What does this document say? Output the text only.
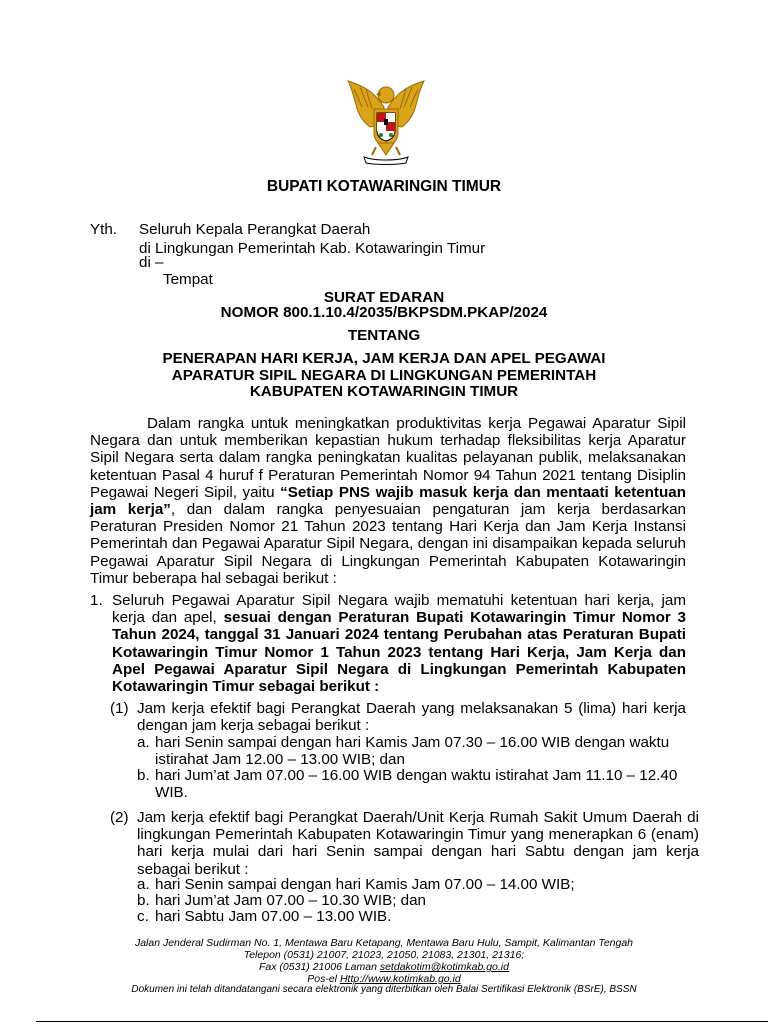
BUPATI KOTAWARINGIN TIMUR
Yth. Seluruh Kepala Perangkat Daerah
di Lingkungan Pemerintah Kab. Kotawaringin Timur
di –
Tempat
SURAT EDARAN
NOMOR 800.1.10.4/2035/BKPSDM.PKAP/2024
TENTANG
PENERAPAN HARI KERJA, JAM KERJA DAN APEL PEGAWAI
APARATUR SIPIL NEGARA DI LINGKUNGAN PEMERINTAH
KABUPATEN KOTAWARINGIN TIMUR
Dalam rangka untuk meningkatkan produktivitas kerja Pegawai Aparatur Sipil Negara dan untuk memberikan kepastian hukum terhadap fleksibilitas kerja Aparatur Sipil Negara serta dalam rangka peningkatan kualitas pelayanan publik, melaksanakan ketentuan Pasal 4 huruf f Peraturan Pemerintah Nomor 94 Tahun 2021 tentang Disiplin Pegawai Negeri Sipil, yaitu “Setiap PNS wajib masuk kerja dan mentaati ketentuan jam kerja”, dan dalam rangka penyesuaian pengaturan jam kerja berdasarkan Peraturan Presiden Nomor 21 Tahun 2023 tentang Hari Kerja dan Jam Kerja Instansi Pemerintah dan Pegawai Aparatur Sipil Negara, dengan ini disampaikan kepada seluruh Pegawai Aparatur Sipil Negara di Lingkungan Pemerintah Kabupaten Kotawaringin Timur beberapa hal sebagai berikut :
1. Seluruh Pegawai Aparatur Sipil Negara wajib mematuhi ketentuan hari kerja, jam kerja dan apel, sesuai dengan Peraturan Bupati Kotawaringin Timur Nomor 3 Tahun 2024, tanggal 31 Januari 2024 tentang Perubahan atas Peraturan Bupati Kotawaringin Timur Nomor 1 Tahun 2023 tentang Hari Kerja, Jam Kerja dan Apel Pegawai Aparatur Sipil Negara di Lingkungan Pemerintah Kabupaten Kotawaringin Timur sebagai berikut :
(1) Jam kerja efektif bagi Perangkat Daerah yang melaksanakan 5 (lima) hari kerja dengan jam kerja sebagai berikut :
a. hari Senin sampai dengan hari Kamis Jam 07.30 – 16.00 WIB dengan waktu istirahat Jam 12.00 – 13.00 WIB; dan
b. hari Jum’at Jam 07.00 – 16.00 WIB dengan waktu istirahat Jam 11.10 – 12.40 WIB.
(2) Jam kerja efektif bagi Perangkat Daerah/Unit Kerja Rumah Sakit Umum Daerah di lingkungan Pemerintah Kabupaten Kotawaringin Timur yang menerapkan 6 (enam) hari kerja mulai dari hari Senin sampai dengan hari Sabtu dengan jam kerja sebagai berikut :
a. hari Senin sampai dengan hari Kamis Jam 07.00 – 14.00 WIB;
b. hari Jum’at Jam 07.00 – 10.30 WIB; dan
c. hari Sabtu Jam 07.00 – 13.00 WIB.
Jalan Jenderal Sudirman No. 1, Mentawa Baru Ketapang, Mentawa Baru Hulu, Sampit, Kalimantan Tengah
Telepon (0531) 21007, 21023, 21050, 21083, 21301, 21316;
Fax (0531) 21006 Laman setdakotim@kotimkab.go.id
Pos-el Http://www.kotimkab.go.id
Dokumen ini telah ditandatangani secara elektronik yang diterbitkan oleh Balai Sertifikasi Elektronik (BSrE), BSSN
